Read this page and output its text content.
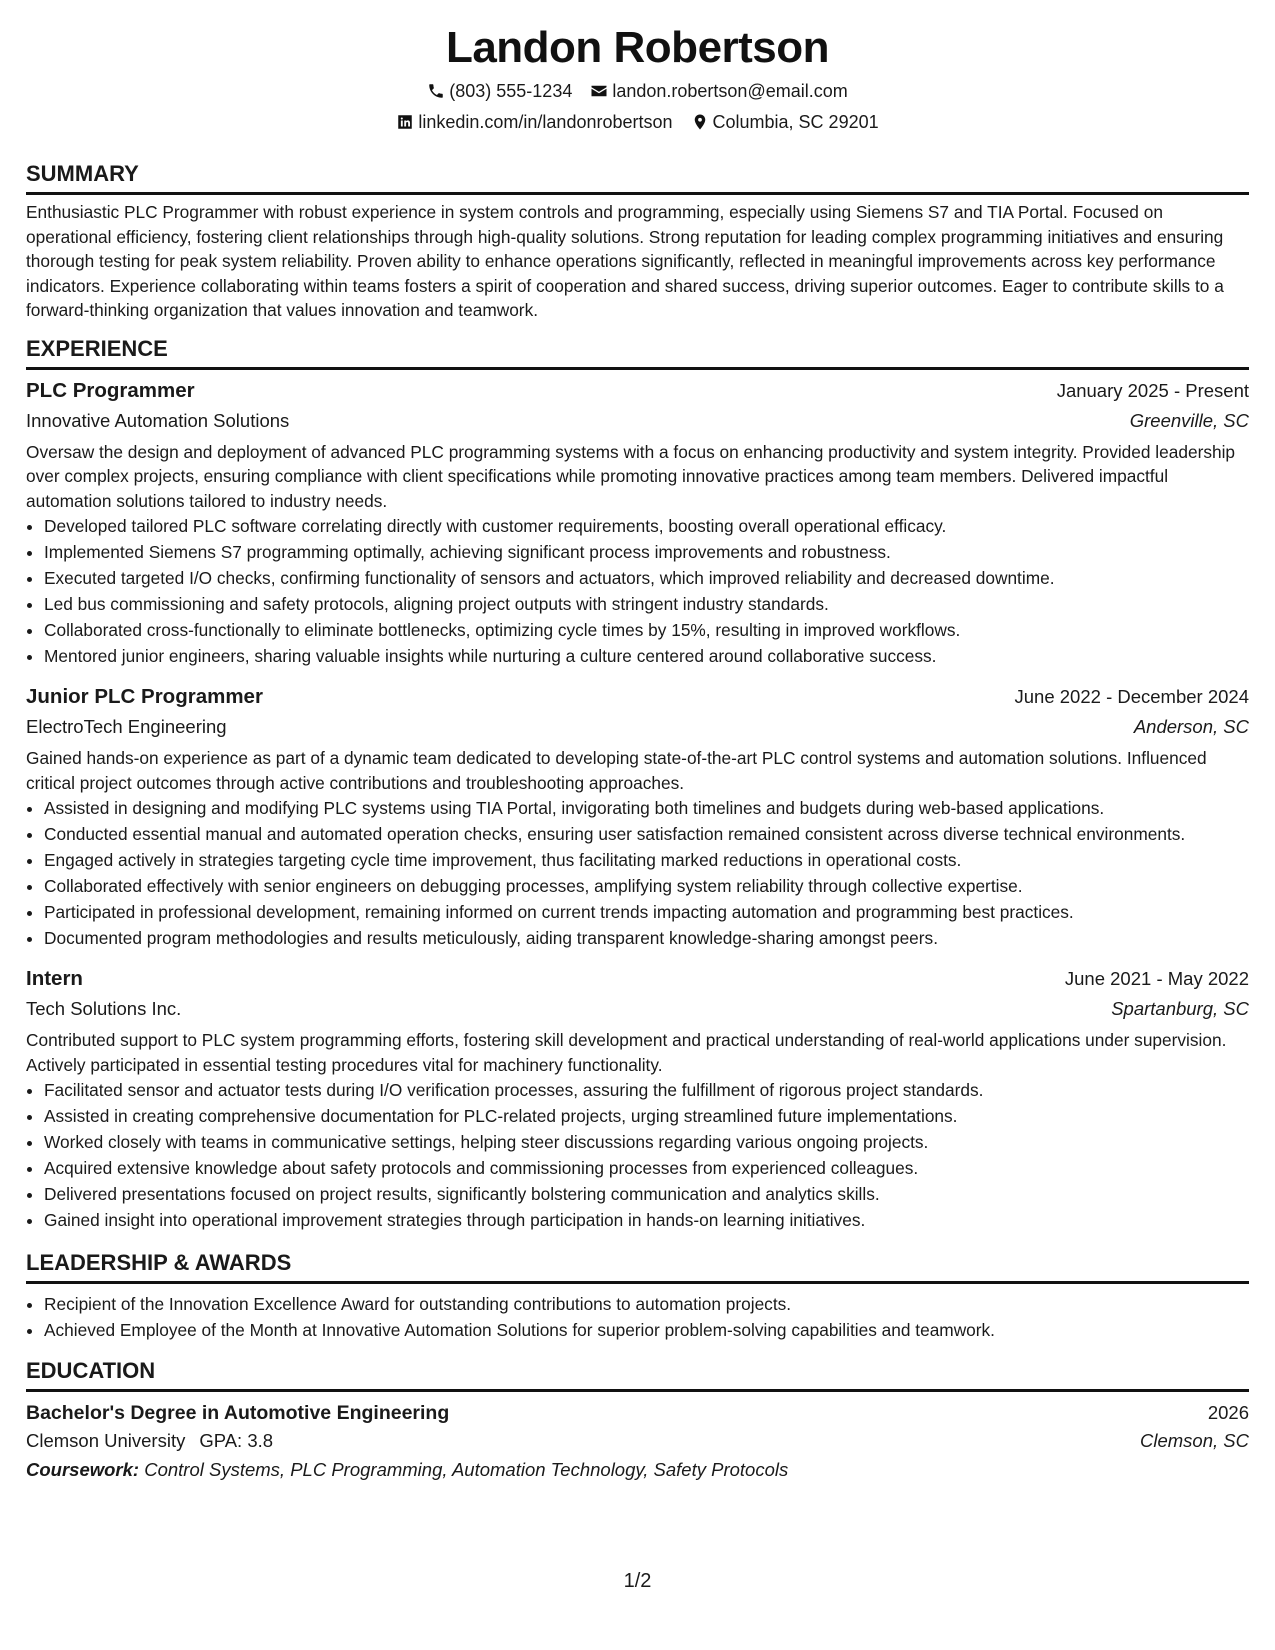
Landon Robertson
(803) 555-1234 landon.robertson@email.com
linkedin.com/in/landonrobertson Columbia, SC 29201
SUMMARY

Enthusiastic PLC Programmer with robust experience in system controls and programming, especially using Siemens S7 and TIA Portal. Focused on operational efficiency, fostering client relationships through high-quality solutions. Strong reputation for leading complex programming initiatives and ensuring thorough testing for peak system reliability. Proven ability to enhance operations significantly, reflected in meaningful improvements across key performance indicators. Experience collaborating within teams fosters a spirit of cooperation and shared success, driving superior outcomes. Eager to contribute skills to a forward-thinking organization that values innovation and teamwork.

EXPERIENCE
PLC Programmer	January 2025 - Present
Innovative Automation Solutions	Greenville, SC

Oversaw the design and deployment of advanced PLC programming systems with a focus on enhancing productivity and system integrity. Provided leadership over complex projects, ensuring compliance with client specifications while promoting innovative practices among team members. Delivered impactful automation solutions tailored to industry needs.

• Developed tailored PLC software correlating directly with customer requirements, boosting overall operational efficacy.
• Implemented Siemens S7 programming optimally, achieving significant process improvements and robustness.
• Executed targeted I/O checks, confirming functionality of sensors and actuators, which improved reliability and decreased downtime.
• Led bus commissioning and safety protocols, aligning project outputs with stringent industry standards.
• Collaborated cross-functionally to eliminate bottlenecks, optimizing cycle times by 15%, resulting in improved workflows.
• Mentored junior engineers, sharing valuable insights while nurturing a culture centered around collaborative success.
Junior PLC Programmer	June 2022 - December 2024
ElectroTech Engineering	Anderson, SC

Gained hands-on experience as part of a dynamic team dedicated to developing state-of-the-art PLC control systems and automation solutions. Influenced critical project outcomes through active contributions and troubleshooting approaches.

• Assisted in designing and modifying PLC systems using TIA Portal, invigorating both timelines and budgets during web-based applications.
• Conducted essential manual and automated operation checks, ensuring user satisfaction remained consistent across diverse technical environments.
• Engaged actively in strategies targeting cycle time improvement, thus facilitating marked reductions in operational costs.
• Collaborated effectively with senior engineers on debugging processes, amplifying system reliability through collective expertise.
• Participated in professional development, remaining informed on current trends impacting automation and programming best practices.
• Documented program methodologies and results meticulously, aiding transparent knowledge-sharing amongst peers.
Intern	June 2021 - May 2022
Tech Solutions Inc.	Spartanburg, SC

Contributed support to PLC system programming efforts, fostering skill development and practical understanding of real-world applications under supervision. Actively participated in essential testing procedures vital for machinery functionality.

• Facilitated sensor and actuator tests during I/O verification processes, assuring the fulfillment of rigorous project standards.
• Assisted in creating comprehensive documentation for PLC-related projects, urging streamlined future implementations.
• Worked closely with teams in communicative settings, helping steer discussions regarding various ongoing projects.
• Acquired extensive knowledge about safety protocols and commissioning processes from experienced colleagues.
• Delivered presentations focused on project results, significantly bolstering communication and analytics skills.
• Gained insight into operational improvement strategies through participation in hands-on learning initiatives.
LEADERSHIP & AWARDS
• Recipient of the Innovation Excellence Award for outstanding contributions to automation projects.
• Achieved Employee of the Month at Innovative Automation Solutions for superior problem-solving capabilities and teamwork.
EDUCATION
Bachelor's Degree in Automotive Engineering	2026
Clemson University GPA: 3.8	Clemson, SC
Coursework: Control Systems, PLC Programming, Automation Technology, Safety Protocols
1/2
